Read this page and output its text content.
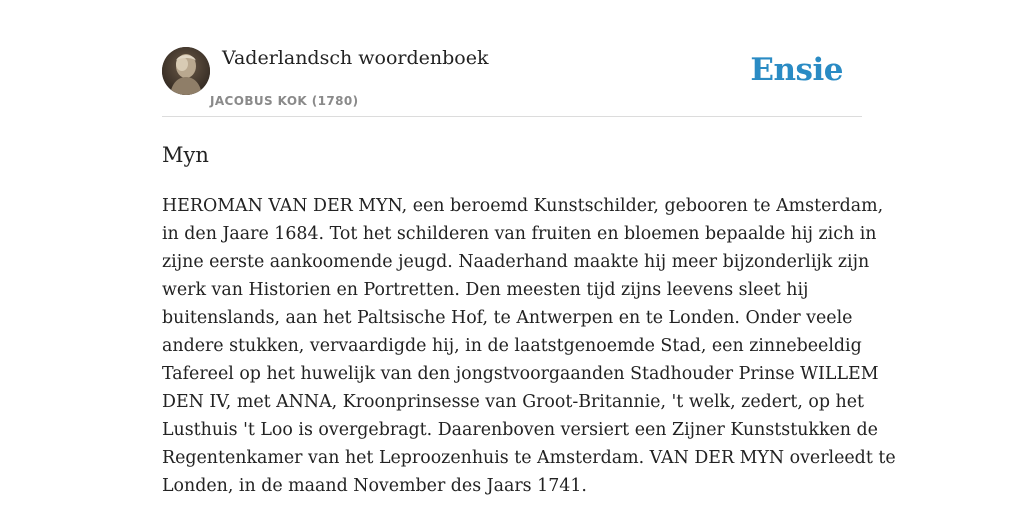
Vaderlandsch woordenboek
JACOBUS KOK (1780)
Ensie
Myn

HEROMAN VAN DER MYN, een beroemd Kunstschilder, gebooren te Amsterdam,
in den Jaare 1684. Tot het schilderen van fruiten en bloemen bepaalde hij zich in
zijne eerste aankoomende jeugd. Naaderhand maakte hij meer bijzonderlijk zijn
werk van Historien en Portretten. Den meesten tijd zijns leevens sleet hij
buitenslands, aan het Paltsische Hof, te Antwerpen en te Londen. Onder veele
andere stukken, vervaardigde hij, in de laatstgenoemde Stad, een zinnebeeldig
Tafereel op het huwelijk van den jongstvoorgaanden Stadhouder Prinse WILLEM
DEN IV, met ANNA, Kroonprinsesse van Groot-Britannie, 't welk, zedert, op het
Lusthuis 't Loo is overgebragt. Daarenboven versiert een Zijner Kunststukken de
Regentenkamer van het Leproozenhuis te Amsterdam. VAN DER MYN overleedt te
Londen, in de maand November des Jaars 1741.
